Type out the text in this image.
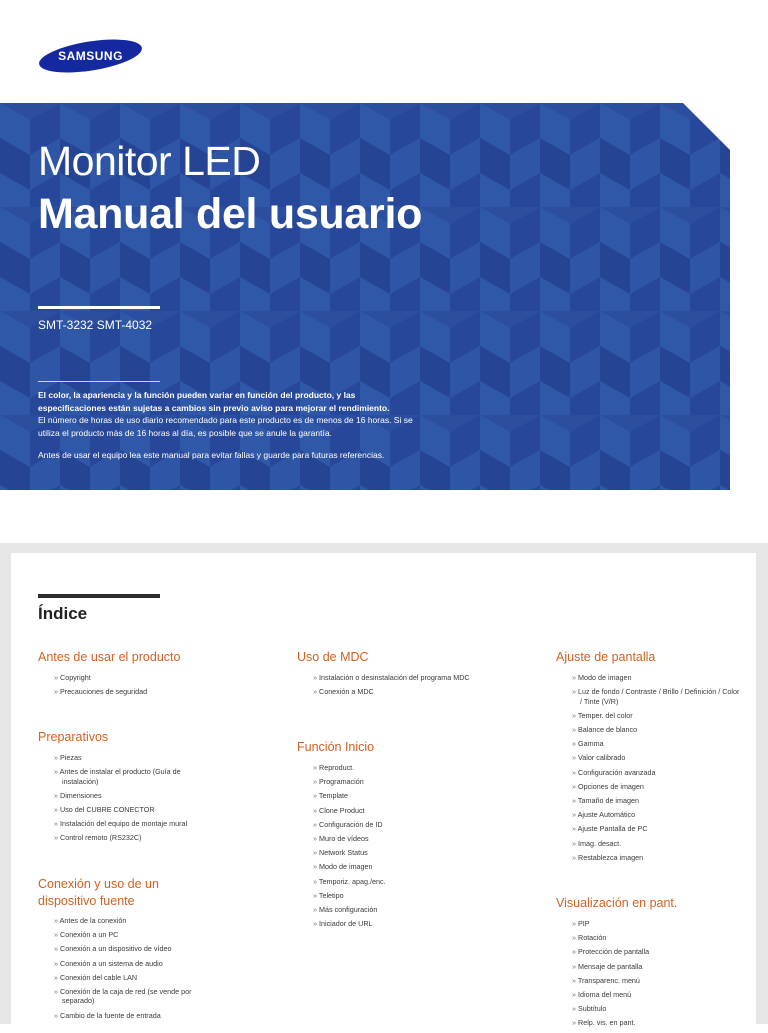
SAMSUNG
Monitor LED
Manual del usuario
SMT-3232 SMT-4032

El color, la apariencia y la función pueden variar en función del producto, y las especificaciones están sujetas a cambios sin previo aviso para mejorar el rendimiento.

El número de horas de uso diario recomendado para este producto es de menos de 16 horas. Si se utiliza el producto más de 16 horas al día, es posible que se anule la garantía.

Antes de usar el equipo lea este manual para evitar fallas y guarde para futuras referencias.

Índice
Antes de usar el producto
» Copyright
» Precauciones de seguridad
Preparativos
» Piezas
» Antes de instalar el producto (Guía de instalación)
» Dimensiones
» Uso del CUBRE CONECTOR
» Instalación del equipo de montaje mural
» Control remoto (RS232C)
Conexión y uso de un dispositivo fuente
» Antes de la conexión
» Conexión a un PC
» Conexión a un dispositivo de vídeo
» Conexión a un sistema de audio
» Conexión del cable LAN
» Conexión de la caja de red (se vende por separado)
» Cambio de la fuente de entrada
Uso de MDC
» Instalación o desinstalación del programa MDC
» Conexión a MDC
Función Inicio
» Reproduct.
» Programación
» Template
» Clone Product
» Configuración de ID
» Muro de vídeos
» Network Status
» Modo de imagen
» Temporiz. apag./enc.
» Teletipo
» Más configuración
» Iniciador de URL
Ajuste de pantalla
» Modo de imagen
» Luz de fondo / Contraste / Brillo / Definición / Color / Tinte (V/R)
» Temper. del color
» Balance de blanco
» Gamma
» Valor calibrado
» Configuración avanzada
» Opciones de imagen
» Tamaño de imagen
» Ajuste Automático
» Ajuste Pantalla de PC
» Imag. desact.
» Restablezca imagen
Visualización en pant.
» PIP
» Rotación
» Protección de pantalla
» Mensaje de pantalla
» Transparenc. menú
» Idioma del menú
» Subtítulo
» Relp. vis. en pant.
